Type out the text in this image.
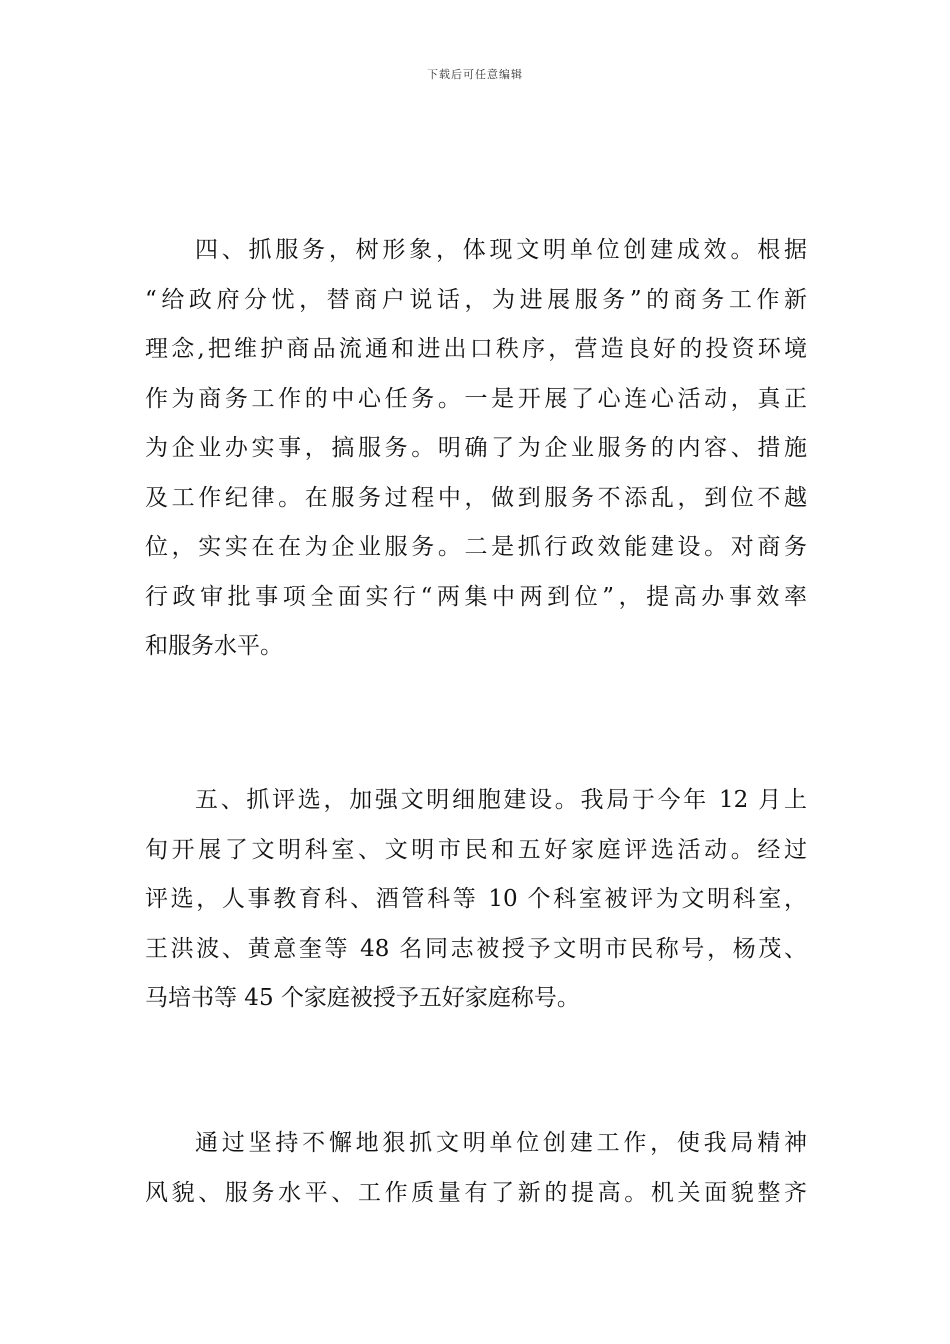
下载后可任意编辑
四、抓服务，树形象，体现文明单位创建成效。根据
“给政府分忧，替商户说话，为进展服务”的商务工作新
理念,把维护商品流通和进出口秩序，营造良好的投资环境
作为商务工作的中心任务。一是开展了心连心活动，真正
为企业办实事，搞服务。明确了为企业服务的内容、措施
及工作纪律。在服务过程中，做到服务不添乱，到位不越
位，实实在在为企业服务。二是抓行政效能建设。对商务
行政审批事项全面实行“两集中两到位”，提高办事效率
和服务水平。
五、抓评选，加强文明细胞建设。我局于今年 12 月上
旬开展了文明科室、文明市民和五好家庭评选活动。经过
评选，人事教育科、酒管科等 10 个科室被评为文明科室，
王洪波、黄意奎等 48 名同志被授予文明市民称号，杨茂、
马培书等 45 个家庭被授予五好家庭称号。
通过坚持不懈地狠抓文明单位创建工作，使我局精神
风貌、服务水平、工作质量有了新的提高。机关面貌整齐
